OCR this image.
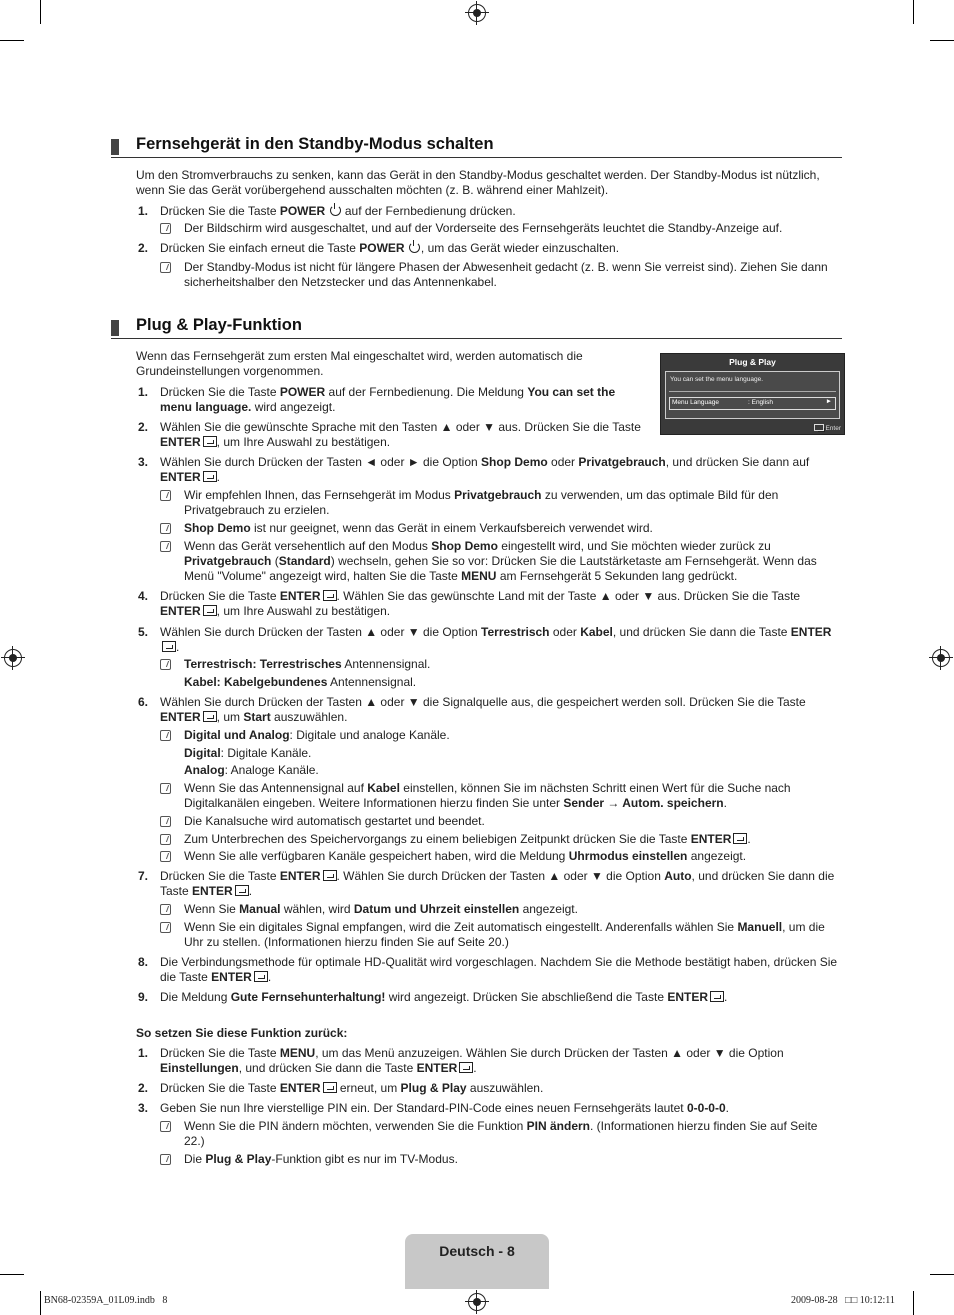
Fernsehgerät in den Standby-Modus schalten

Um den Stromverbrauchs zu senken, kann das Gerät in den Standby-Modus geschaltet werden. Der Standby-Modus ist nützlich, wenn Sie das Gerät vorübergehend ausschalten möchten (z. B. während einer Mahlzeit).

1. Drücken Sie die Taste POWER  auf der Fernbedienung drücken.

Der Bildschirm wird ausgeschaltet, und auf der Vorderseite des Fernsehgeräts leuchtet die Standby-Anzeige auf.

2. Drücken Sie einfach erneut die Taste POWER , um das Gerät wieder einzuschalten.

Der Standby-Modus ist nicht für längere Phasen der Abwesenheit gedacht (z. B. wenn Sie verreist sind). Ziehen Sie dann sicherheitshalber den Netzstecker und das Antennenkabel.

Plug & Play-Funktion

Wenn das Fernsehgerät zum ersten Mal eingeschaltet wird, werden automatisch die Grundeinstellungen vorgenommen.

Plug & Play
You can set the menu language.
Menu Language	: English	►
Enter
1. Drücken Sie die Taste POWER auf der Fernbedienung. Die Meldung You can set the menu language. wird angezeigt.

2. Wählen Sie die gewünschte Sprache mit den Tasten ▲ oder ▼ aus. Drücken Sie die Taste ENTER , um Ihre Auswahl zu bestätigen.

3. Wählen Sie durch Drücken der Tasten ◄ oder ► die Option Shop Demo oder Privatgebrauch, und drücken Sie dann auf ENTER .

Wir empfehlen Ihnen, das Fernsehgerät im Modus Privatgebrauch zu verwenden, um das optimale Bild für den Privatgebrauch zu erzielen.

Shop Demo ist nur geeignet, wenn das Gerät in einem Verkaufsbereich verwendet wird.

Wenn das Gerät versehentlich auf den Modus Shop Demo eingestellt wird, und Sie möchten wieder zurück zu Privatgebrauch (Standard) wechseln, gehen Sie so vor: Drücken Sie die Lautstärketaste am Fernsehgerät. Wenn das Menü "Volume" angezeigt wird, halten Sie die Taste MENU am Fernsehgerät 5 Sekunden lang gedrückt.

4. Drücken Sie die Taste ENTER . Wählen Sie das gewünschte Land mit der Taste ▲ oder ▼ aus. Drücken Sie die Taste ENTER , um Ihre Auswahl zu bestätigen.

5. Wählen Sie durch Drücken der Tasten ▲ oder ▼ die Option Terrestrisch oder Kabel, und drücken Sie dann die Taste ENTER.

Terrestrisch: Terrestrisches Antennensignal.

Kabel: Kabelgebundenes Antennensignal.

6. Wählen Sie durch Drücken der Tasten ▲ oder ▼ die Signalquelle aus, die gespeichert werden soll. Drücken Sie die Taste ENTER , um Start auszuwählen.

Digital und Analog: Digitale und analoge Kanäle.

Digital: Digitale Kanäle.

Analog: Analoge Kanäle.

Wenn Sie das Antennensignal auf Kabel einstellen, können Sie im nächsten Schritt einen Wert für die Suche nach Digitalkanälen eingeben. Weitere Informationen hierzu finden Sie unter Sender → Autom. speichern.

Die Kanalsuche wird automatisch gestartet und beendet.

Zum Unterbrechen des Speichervorgangs zu einem beliebigen Zeitpunkt drücken Sie die Taste ENTER .

Wenn Sie alle verfügbaren Kanäle gespeichert haben, wird die Meldung Uhrmodus einstellen angezeigt.

7. Drücken Sie die Taste ENTER . Wählen Sie durch Drücken der Tasten ▲ oder ▼ die Option Auto, und drücken Sie dann die Taste ENTER .

Wenn Sie Manual wählen, wird Datum und Uhrzeit einstellen angezeigt.

Wenn Sie ein digitales Signal empfangen, wird die Zeit automatisch eingestellt. Anderenfalls wählen Sie Manuell, um die Uhr zu stellen. (Informationen hierzu finden Sie auf Seite 20.)

8. Die Verbindungsmethode für optimale HD-Qualität wird vorgeschlagen. Nachdem Sie die Methode bestätigt haben, drücken Sie die Taste ENTER .

9. Die Meldung Gute Fernsehunterhaltung! wird angezeigt. Drücken Sie abschließend die Taste ENTER .

So setzen Sie diese Funktion zurück:

1. Drücken Sie die Taste MENU, um das Menü anzuzeigen. Wählen Sie durch Drücken der Tasten ▲ oder ▼ die Option Einstellungen, und drücken Sie dann die Taste ENTER .

2. Drücken Sie die Taste ENTER erneut, um Plug & Play auszuwählen.

3. Geben Sie nun Ihre vierstellige PIN ein. Der Standard-PIN-Code eines neuen Fernsehgeräts lautet 0-0-0-0.

Wenn Sie die PIN ändern möchten, verwenden Sie die Funktion PIN ändern. (Informationen hierzu finden Sie auf Seite 22.)

Die Plug & Play-Funktion gibt es nur im TV-Modus.

Deutsch - 8
BN68-02359A_01L09.indb   8	2009-08-28   □□ 10:12:11
